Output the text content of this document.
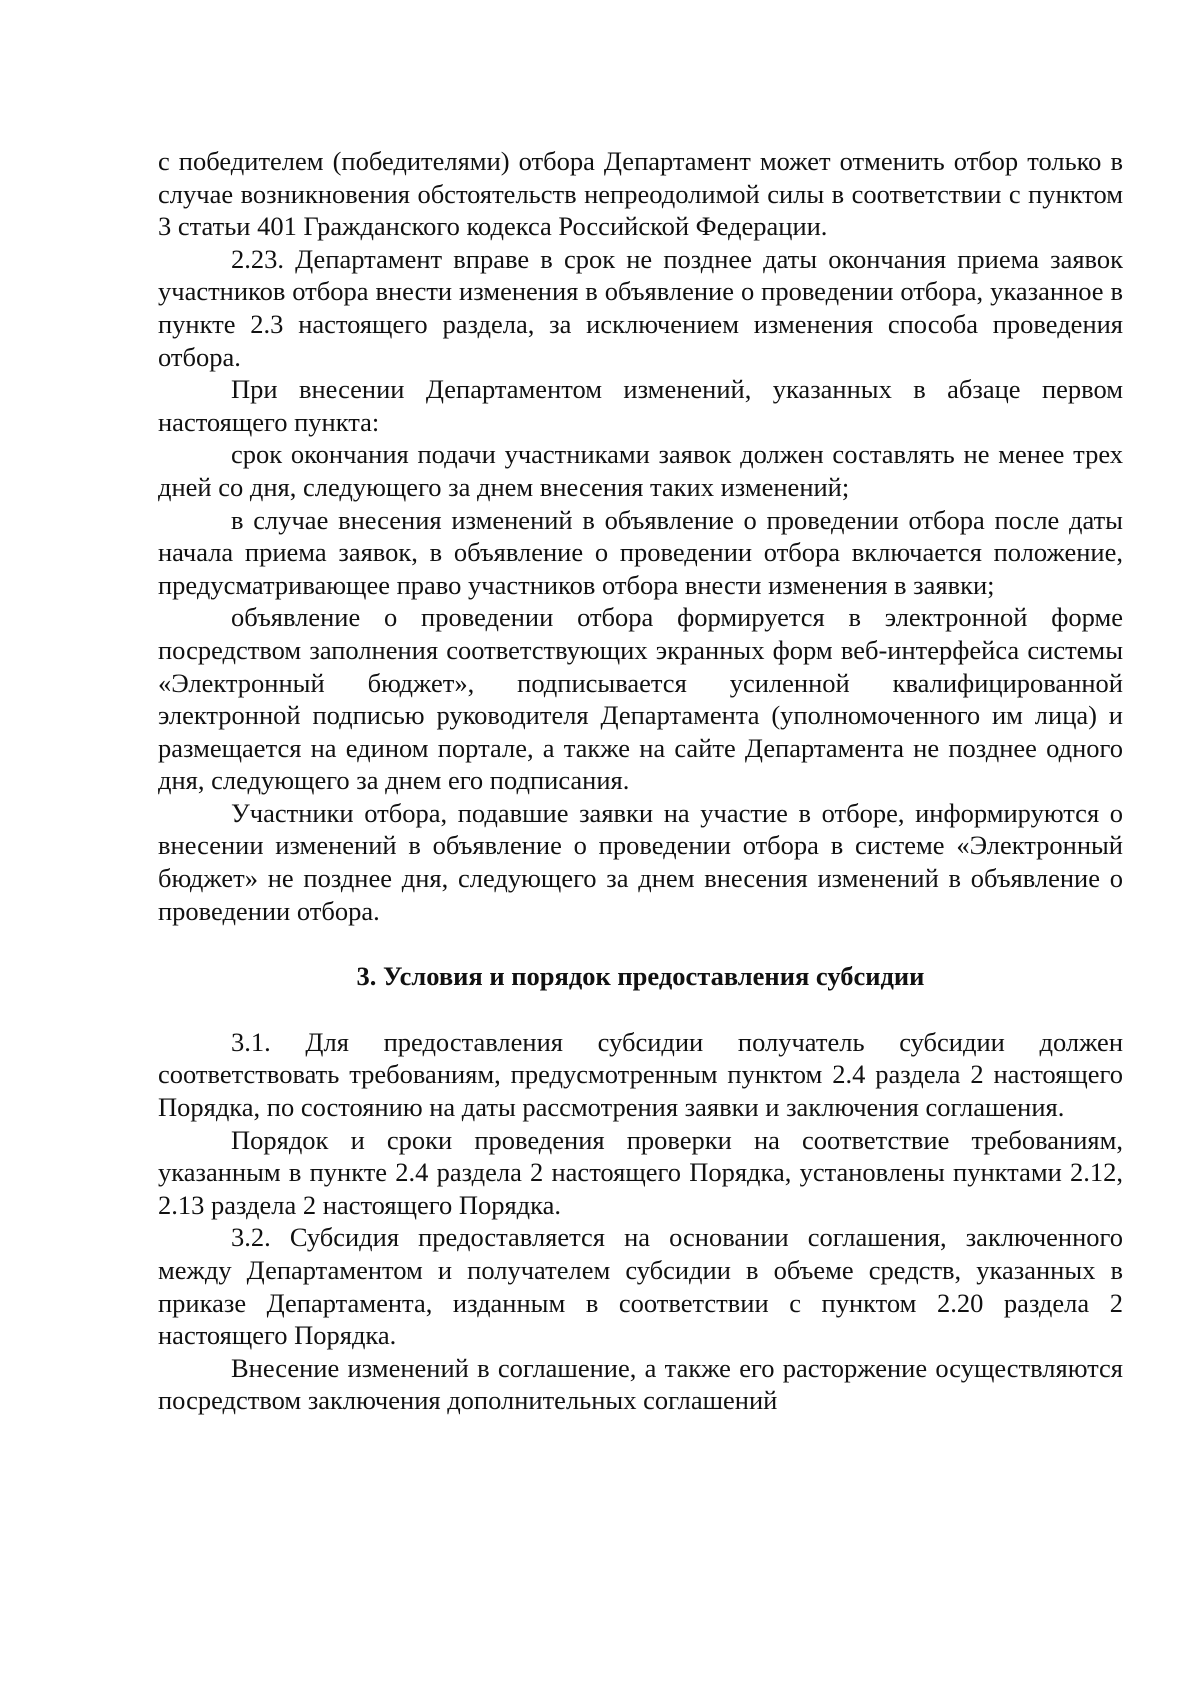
с победителем (победителями) отбора Департамент может отменить отбор только в случае возникновения обстоятельств непреодолимой силы в соответствии с пунктом 3 статьи 401 Гражданского кодекса Российской Федерации.

2.23. Департамент вправе в срок не позднее даты окончания приема заявок участников отбора внести изменения в объявление о проведении отбора, указанное в пункте 2.3 настоящего раздела, за исключением изменения способа проведения отбора.

При внесении Департаментом изменений, указанных в абзаце первом настоящего пункта:

срок окончания подачи участниками заявок должен составлять не менее трех дней со дня, следующего за днем внесения таких изменений;

в случае внесения изменений в объявление о проведении отбора после даты начала приема заявок, в объявление о проведении отбора включается положение, предусматривающее право участников отбора внести изменения в заявки;

объявление о проведении отбора формируется в электронной форме посредством заполнения соответствующих экранных форм веб-интерфейса системы «Электронный бюджет», подписывается усиленной квалифицированной электронной подписью руководителя Департамента (уполномоченного им лица) и размещается на едином портале, а также на сайте Департамента не позднее одного дня, следующего за днем его подписания.

Участники отбора, подавшие заявки на участие в отборе, информируются о внесении изменений в объявление о проведении отбора в системе «Электронный бюджет» не позднее дня, следующего за днем внесения изменений в объявление о проведении отбора.

3. Условия и порядок предоставления субсидии

3.1. Для предоставления субсидии получатель субсидии должен соответствовать требованиям, предусмотренным пунктом 2.4 раздела 2 настоящего Порядка, по состоянию на даты рассмотрения заявки и заключения соглашения.

Порядок и сроки проведения проверки на соответствие требованиям, указанным в пункте 2.4 раздела 2 настоящего Порядка, установлены пунктами 2.12, 2.13 раздела 2 настоящего Порядка.

3.2. Субсидия предоставляется на основании соглашения, заключенного между Департаментом и получателем субсидии в объеме средств, указанных в приказе Департамента, изданным в соответствии с пунктом 2.20 раздела 2 настоящего Порядка.

Внесение изменений в соглашение, а также его расторжение осуществляются посредством заключения дополнительных соглашений
